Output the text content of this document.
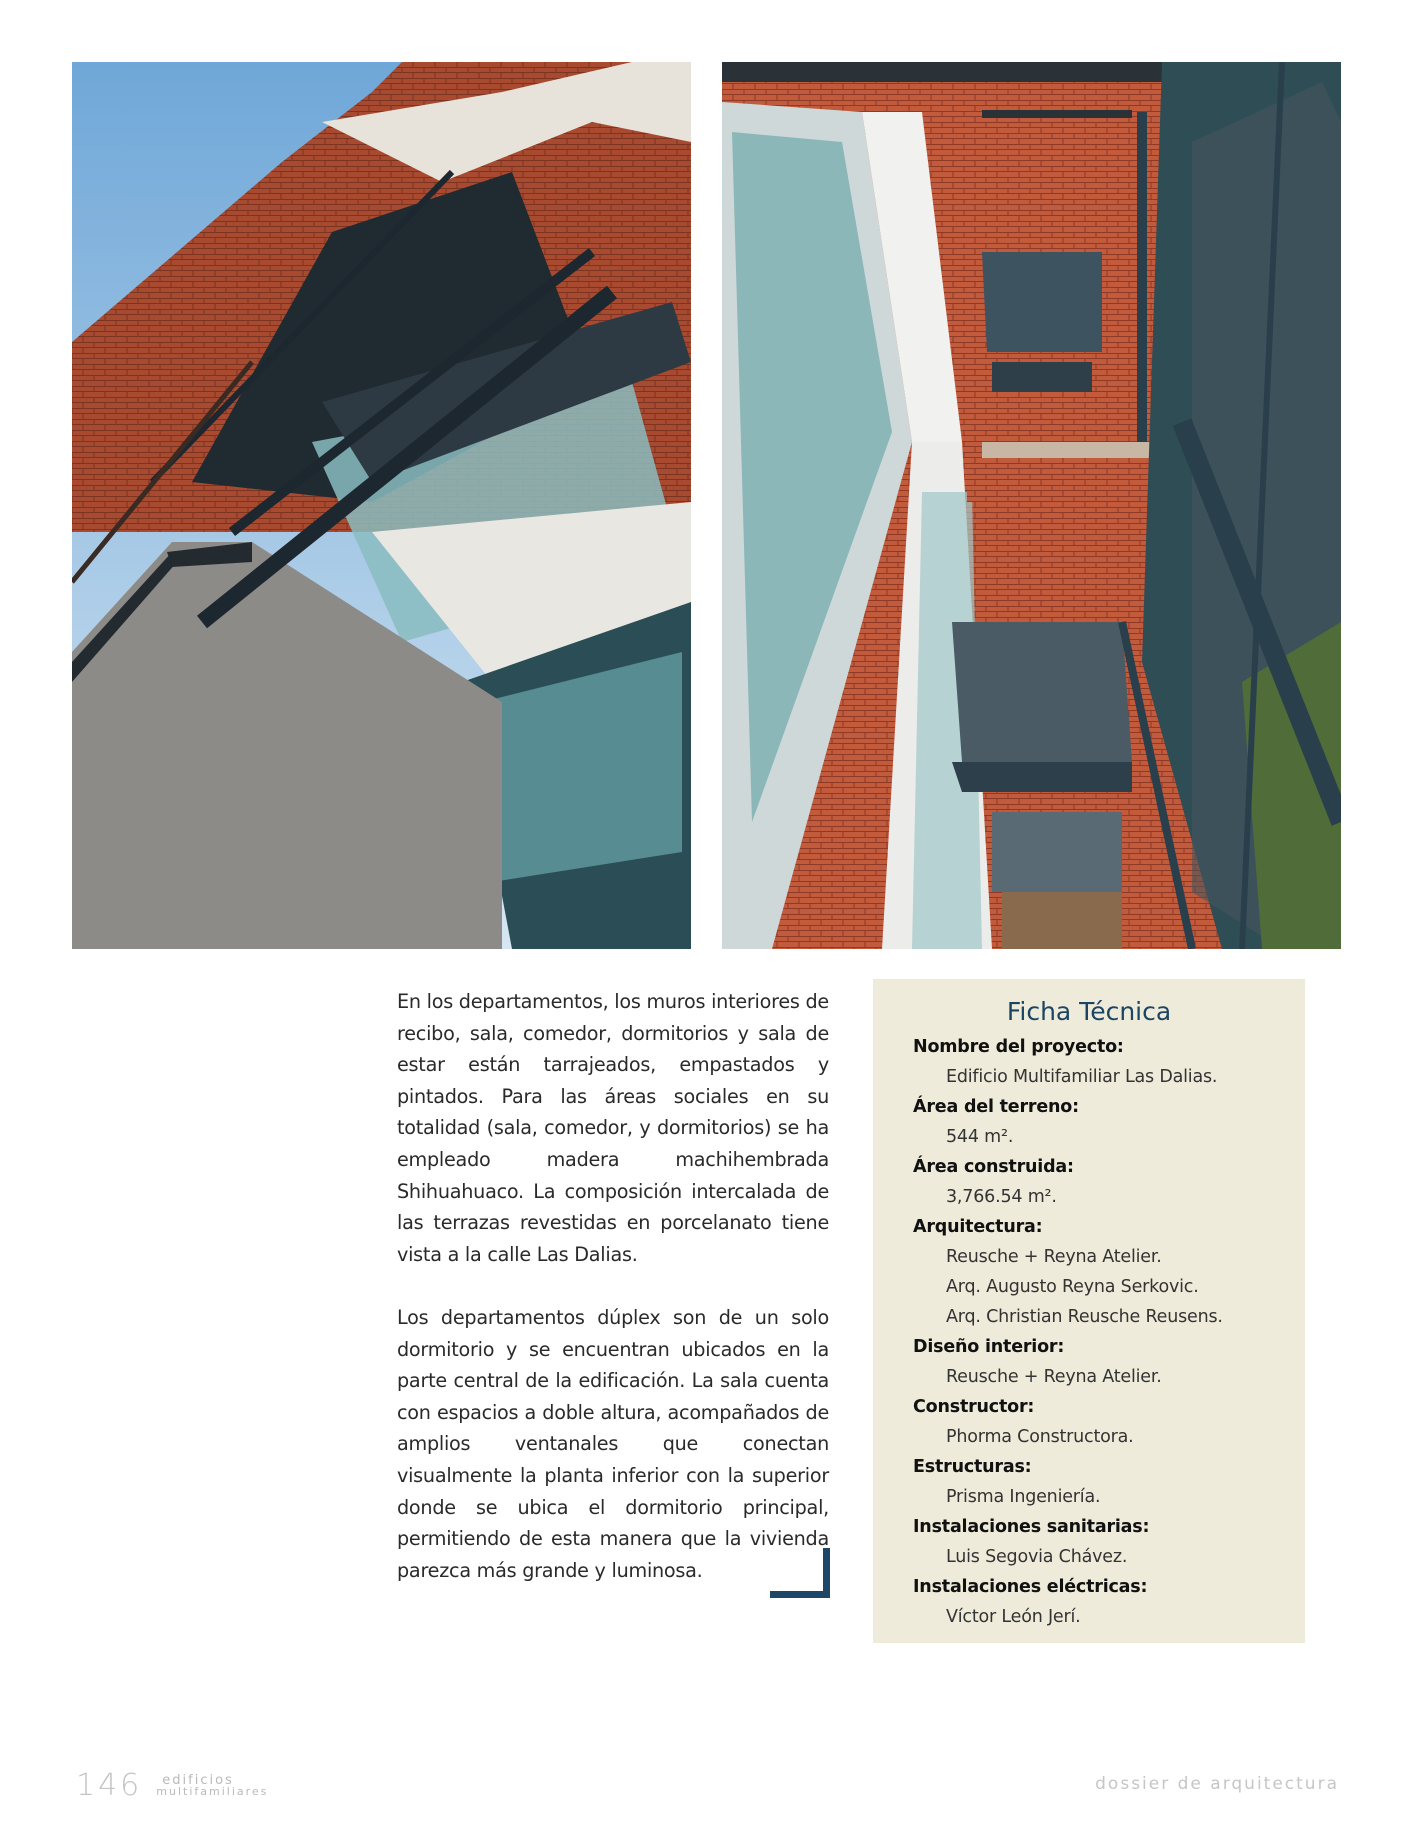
En los departamentos, los muros interiores de recibo, sala, comedor, dormitorios y sala de estar están tarrajeados, empastados y pintados. Para las áreas sociales en su totalidad (sala, comedor, y dormitorios) se ha empleado madera machihembrada Shihuahuaco. La composición intercalada de las terrazas revestidas en porcelanato tiene vista a la calle Las Dalias.

Los departamentos dúplex son de un solo dormitorio y se encuentran ubicados en la parte central de la edificación. La sala cuenta con espacios a doble altura, acompañados de amplios ventanales que conectan visualmente la planta inferior con la superior donde se ubica el dormitorio principal, permitiendo de esta manera que la vivienda parezca más grande y luminosa.

Ficha Técnica
Nombre del proyecto:
Edificio Multifamiliar Las Dalias.
Área del terreno:
544 m².
Área construida:
3,766.54 m².
Arquitectura:
Reusche + Reyna Atelier.
Arq. Augusto Reyna Serkovic.
Arq. Christian Reusche Reusens.
Diseño interior:
Reusche + Reyna Atelier.
Constructor:
Phorma Constructora.
Estructuras:
Prisma Ingeniería.
Instalaciones sanitarias:
Luis Segovia Chávez.
Instalaciones eléctricas:
Víctor León Jerí.
146	edificios
multifamiliares	dossier de arquitectura
